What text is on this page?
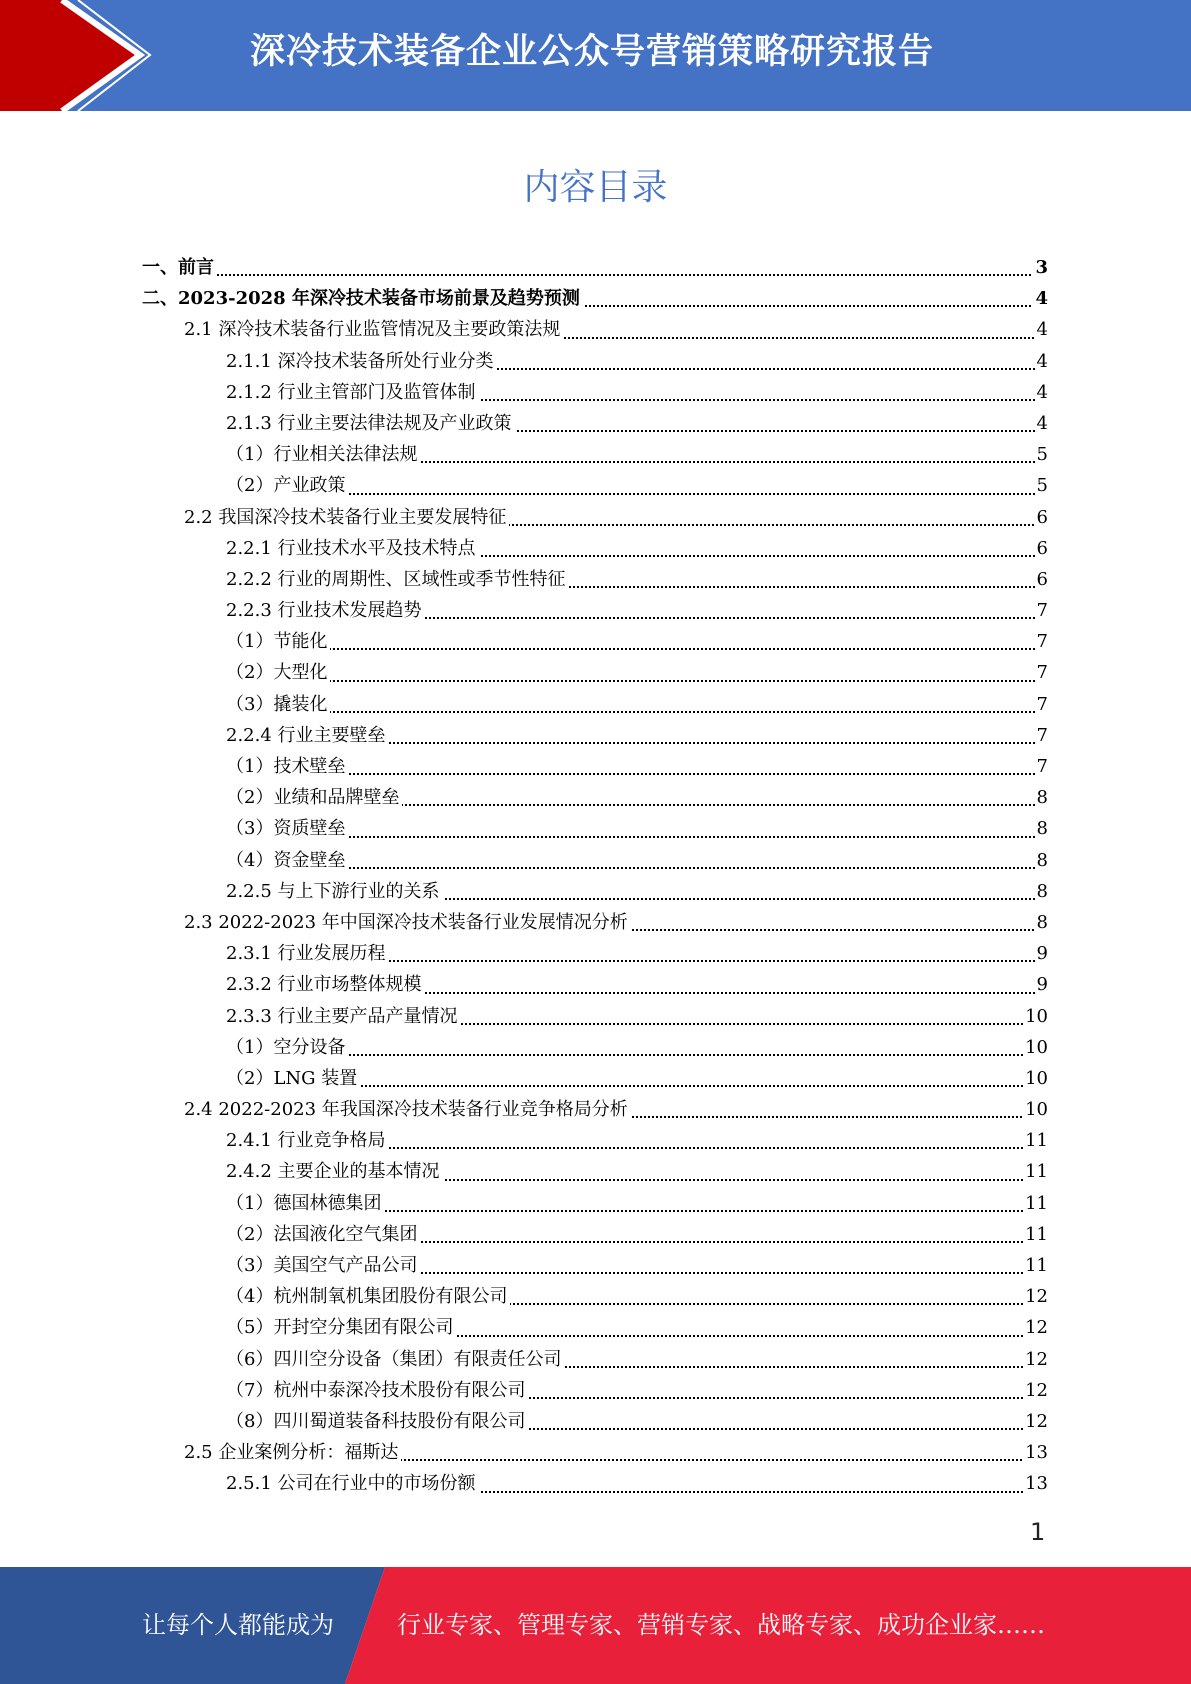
深冷技术装备企业公众号营销策略研究报告
内容目录
一、前言	3
二、2023-2028 年深冷技术装备市场前景及趋势预测	4
2.1 深冷技术装备行业监管情况及主要政策法规	4
2.1.1 深冷技术装备所处行业分类	4
2.1.2 行业主管部门及监管体制	4
2.1.3 行业主要法律法规及产业政策	4
（1）行业相关法律法规	5
（2）产业政策	5
2.2 我国深冷技术装备行业主要发展特征	6
2.2.1 行业技术水平及技术特点	6
2.2.2 行业的周期性、区域性或季节性特征	6
2.2.3 行业技术发展趋势	7
（1）节能化	7
（2）大型化	7
（3）撬装化	7
2.2.4 行业主要壁垒	7
（1）技术壁垒	7
（2）业绩和品牌壁垒	8
（3）资质壁垒	8
（4）资金壁垒	8
2.2.5 与上下游行业的关系	8
2.3 2022-2023 年中国深冷技术装备行业发展情况分析	8
2.3.1 行业发展历程	9
2.3.2 行业市场整体规模	9
2.3.3 行业主要产品产量情况	10
（1）空分设备	10
（2）LNG 装置	10
2.4 2022-2023 年我国深冷技术装备行业竞争格局分析	10
2.4.1 行业竞争格局	11
2.4.2 主要企业的基本情况	11
（1）德国林德集团	11
（2）法国液化空气集团	11
（3）美国空气产品公司	11
（4）杭州制氧机集团股份有限公司	12
（5）开封空分集团有限公司	12
（6）四川空分设备（集团）有限责任公司	12
（7）杭州中泰深冷技术股份有限公司	12
（8）四川蜀道装备科技股份有限公司	12
2.5 企业案例分析：福斯达	13
2.5.1 公司在行业中的市场份额	13
1
让每个人都能成为	行业专家、管理专家、营销专家、战略专家、成功企业家……
